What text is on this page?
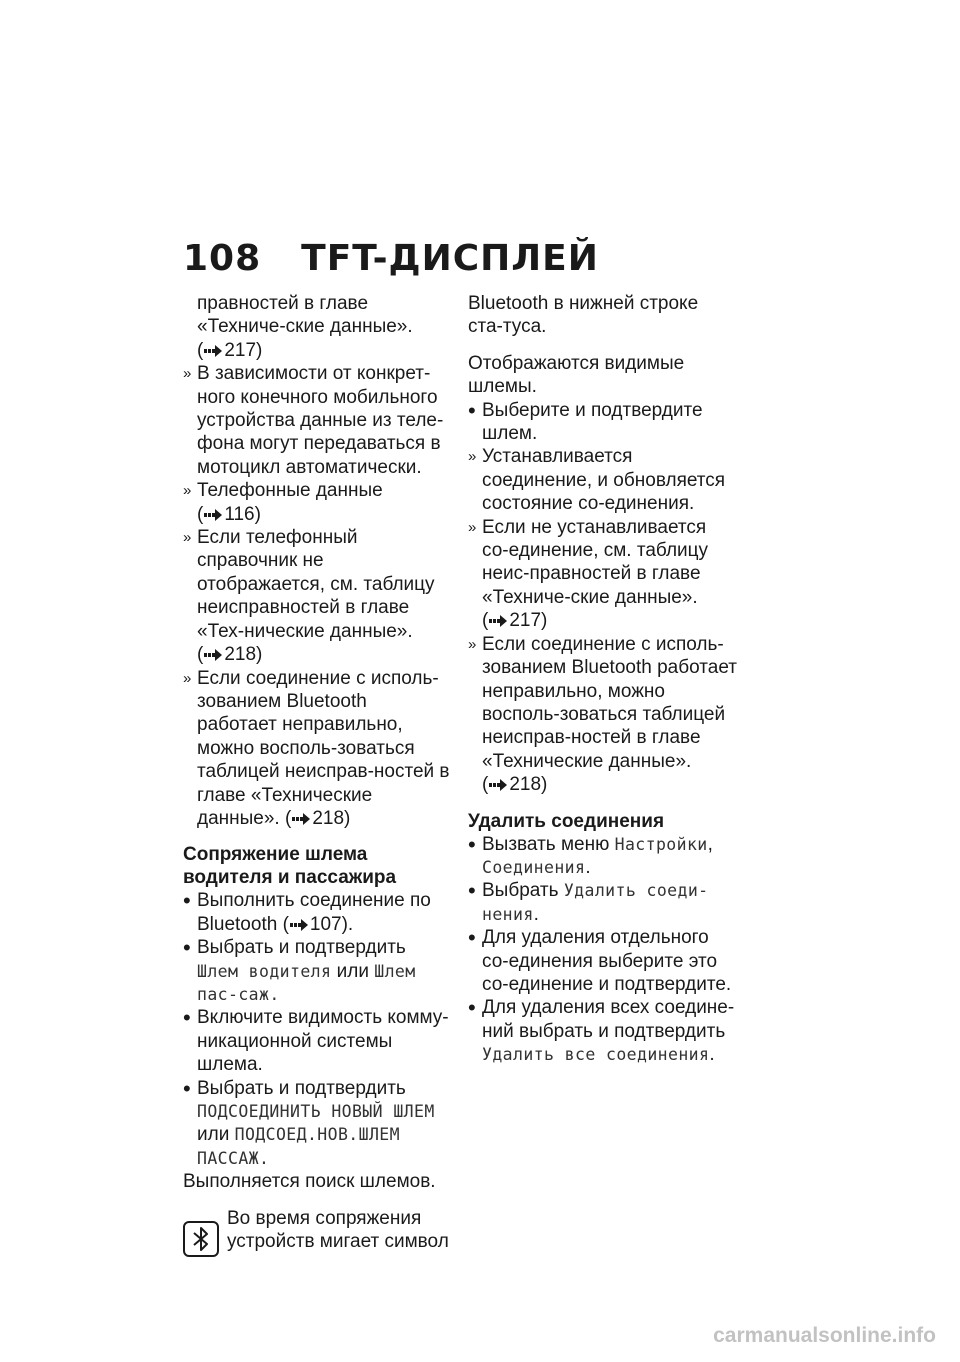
108 TFT-ДИСПЛЕЙ
правностей в главе «Техниче-ские данные». ( 217)
» В зависимости от конкрет-ного конечного мобильного устройства данные из теле-фона могут передаваться в мотоцикл автоматически.
» Телефонные данные ( 116)
» Если телефонный справочник не отображается, см. таблицу неисправностей в главе «Тех-нические данные». ( 218)
» Если соединение с исполь-зованием Bluetooth работает неправильно, можно восполь-зоваться таблицей неисправ-ностей в главе «Технические данные». ( 218)
Сопряжение шлема водителя и пассажира
• Выполнить соединение по Bluetooth ( 107).
• Выбрать и подтвердить Шлем водителя или Шлем пас-саж.
• Включите видимость комму-никационной системы шлема.
• Выбрать и подтвердить ПОДСОЕДИНИТЬ НОВЫЙ ШЛЕМ или ПОДСОЕД.НОВ.ШЛЕМ ПАССАЖ.
Выполняется поиск шлемов.
Во время сопряжения устройств мигает символ
Bluetooth в нижней строке ста-туса.
Отображаются видимые шлемы.
• Выберите и подтвердите шлем.
» Устанавливается соединение, и обновляется состояние со-единения.
» Если не устанавливается со-единение, см. таблицу неис-правностей в главе «Техниче-ские данные». ( 217)
» Если соединение с исполь-зованием Bluetooth работает неправильно, можно восполь-зоваться таблицей неисправ-ностей в главе «Технические данные». ( 218)
Удалить соединения
• Вызвать меню Настройки, Соединения.
• Выбрать Удалить соеди-нения.
• Для удаления отдельного со-единения выберите это со-единение и подтвердите.
• Для удаления всех соедине-ний выбрать и подтвердить Удалить все соединения.
carmanualsonline.info
